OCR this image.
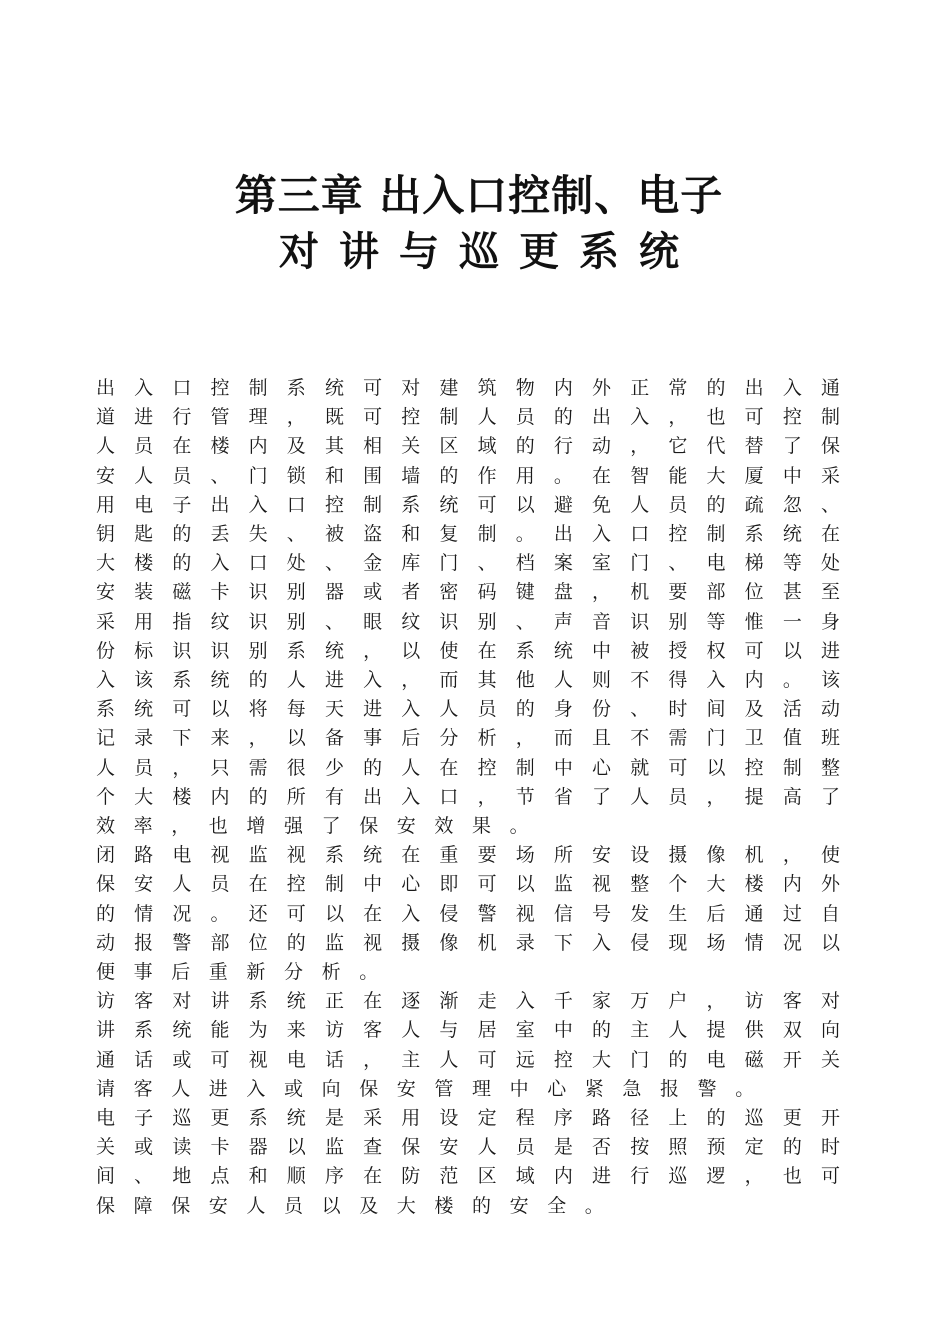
第三章 出入口控制、电子
对讲与巡更系统

出入口控制系统可对建筑物内外正常的出入通道进行管理，既可控制人员的出入，也可控制人员在楼内及其相关区域的行动，它代替了保安人员、门锁和围墙的作用。在智能大厦中采用电子出入口控制系统可以避免人员的疏忽、钥匙的丢失、被盗和复制。出入口控制系统在大楼的入口处、金库门、档案室门、电梯等处安装磁卡识别器或者密码键盘，机要部位甚至采用指纹识别、眼纹识别、声音识别等惟一身份标识识别系统，以使在系统中被授权可以进入该系统的人进入，而其他人则不得入内。该系统可以将每天进入人员的身份、时间及活动记录下来，以备事后分析，而且不需门卫值班人员，只需很少的人在控制中心就可以控制整个大楼内的所有出入口，节省了人员，提高了效率，也增强了保安效果。

闭路电视监视系统在重要场所安设摄像机，使保安人员在控制中心即可以监视整个大楼内外的情况。还可以在入侵警视信号发生后通过自动报警部位的监视摄像机录下入侵现场情况以便事后重新分析。

访客对讲系统正在逐渐走入千家万户，访客对讲系统能为来访客人与居室中的主人提供双向通话或可视电话，主人可远控大门的电磁开关请客人进入或向保安管理中心紧急报警。

电子巡更系统是采用设定程序路径上的巡更开关或读卡器以监查保安人员是否按照预定的时间、地点和顺序在防范区域内进行巡逻，也可保障保安人员以及大楼的安全。
